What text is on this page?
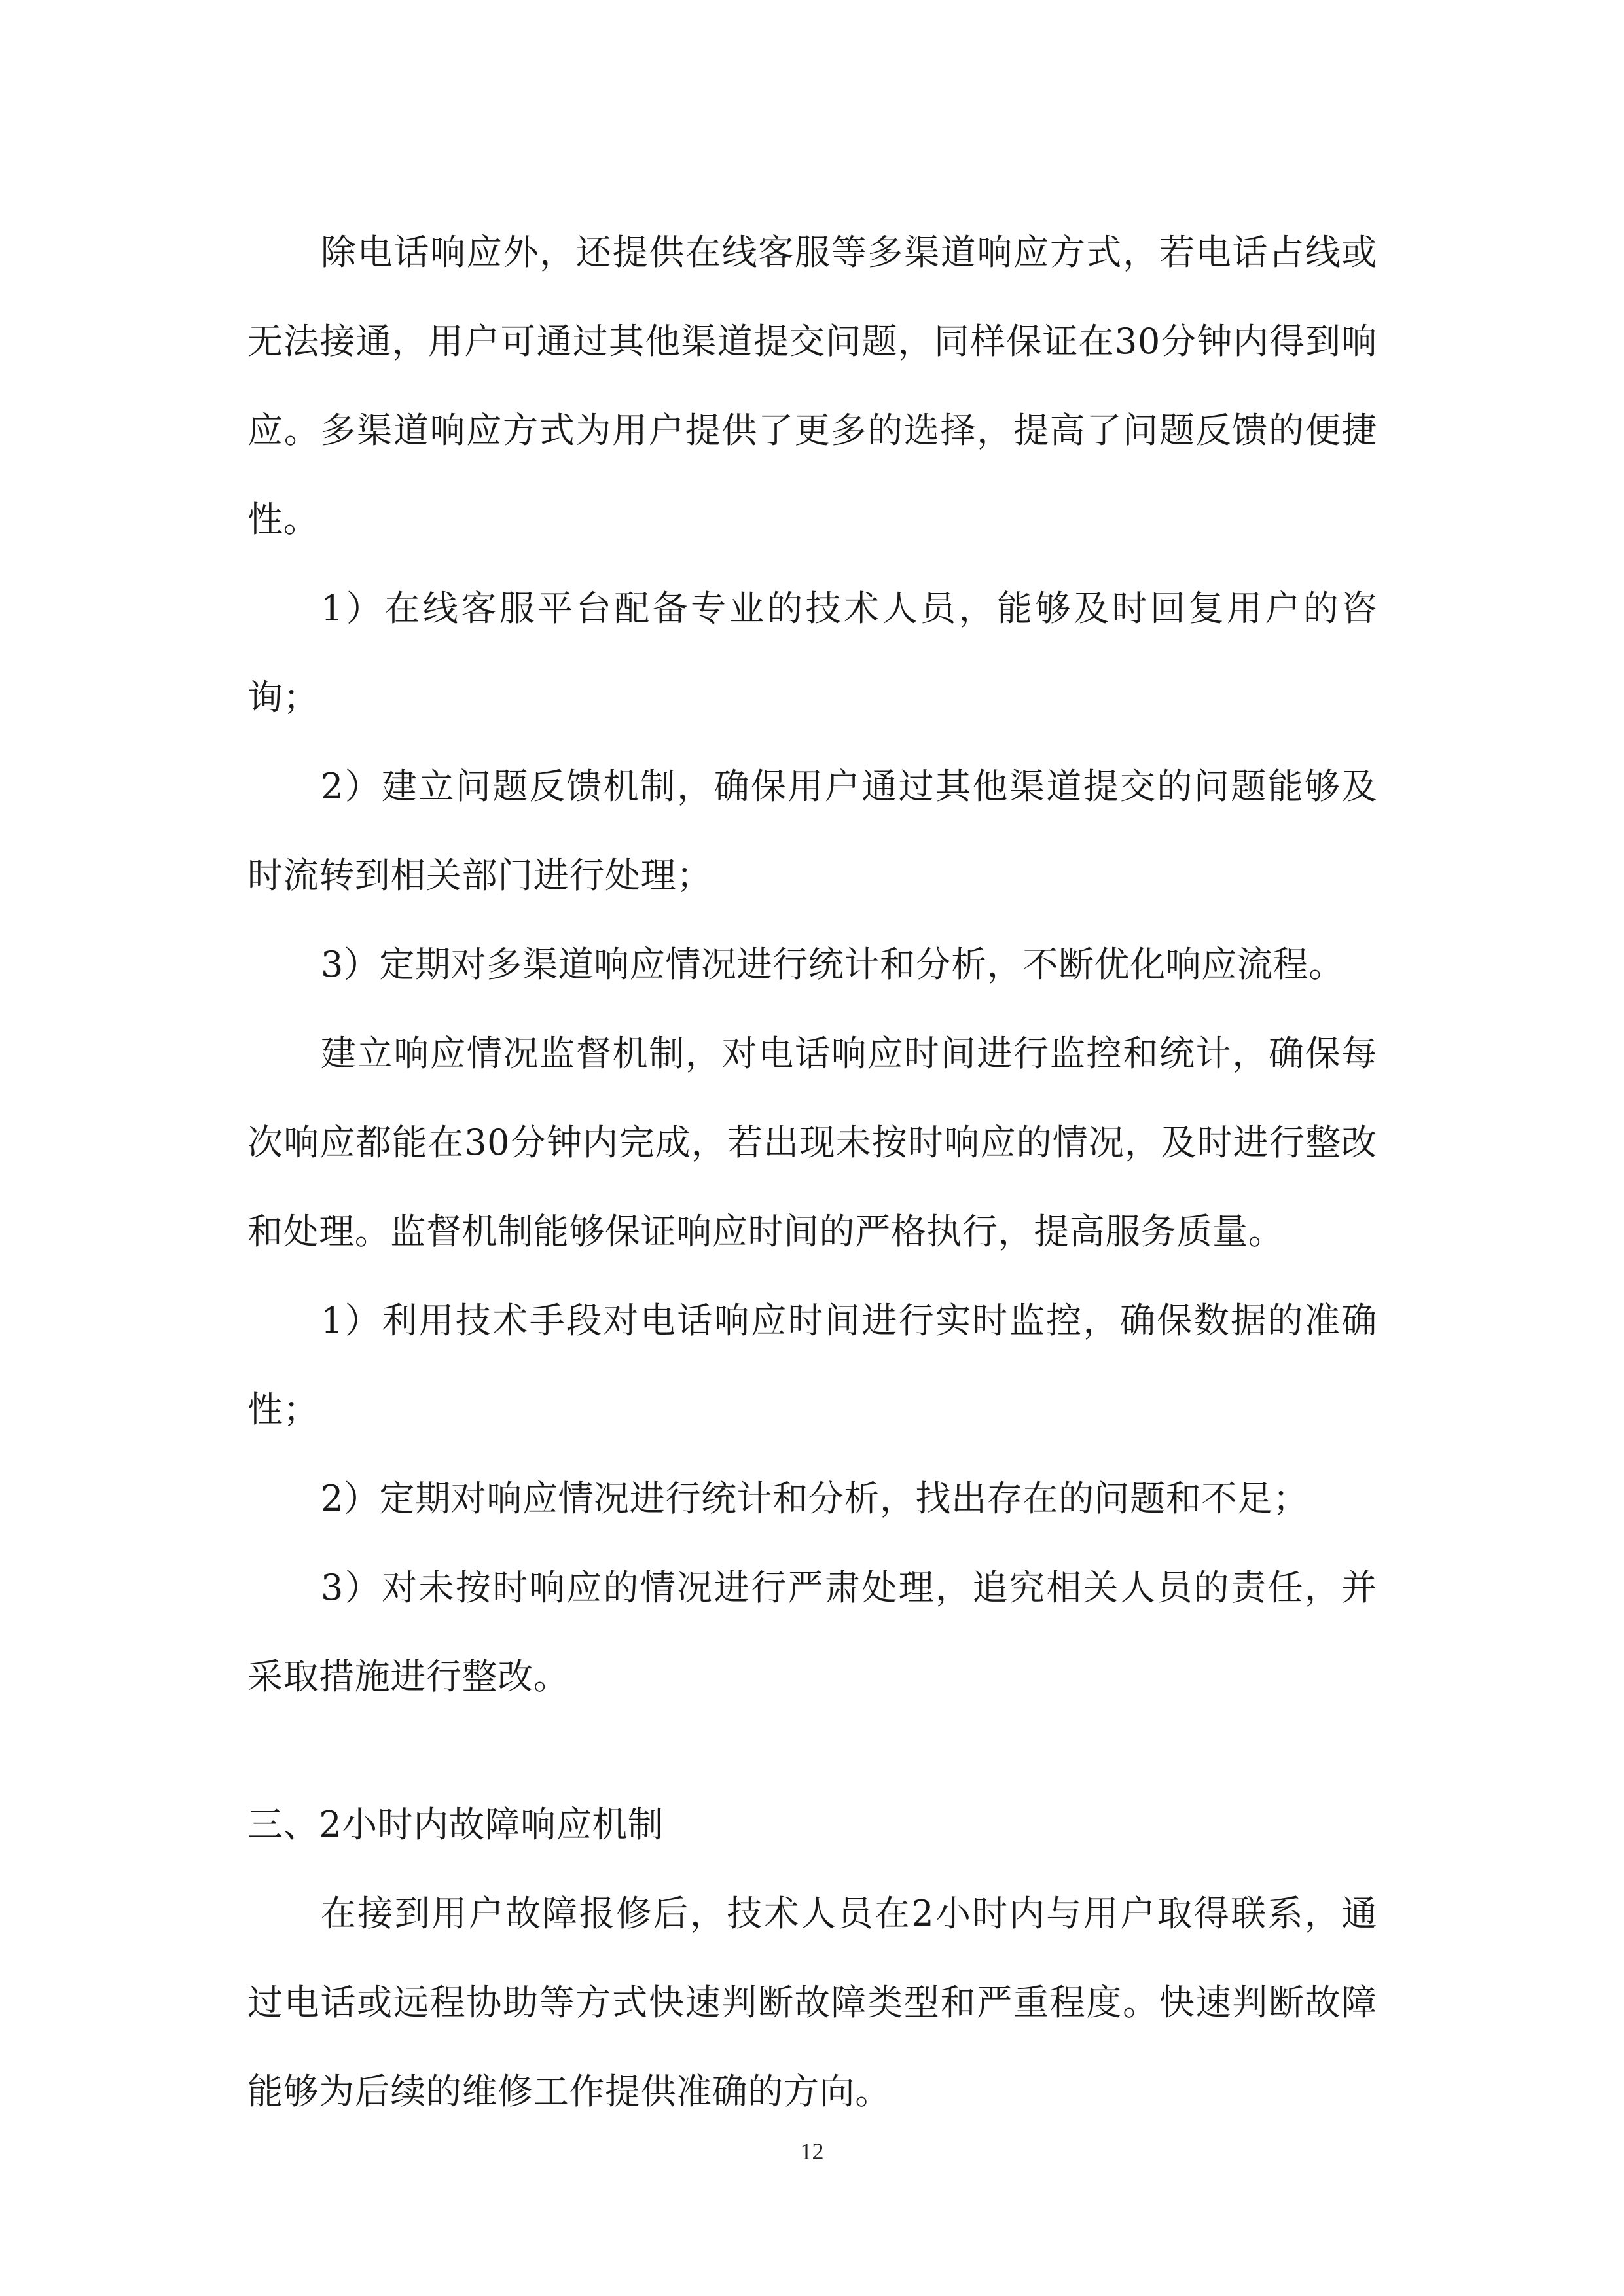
除电话响应外，还提供在线客服等多渠道响应方式，若电话占线或无法接通，用户可通过其他渠道提交问题，同样保证在30分钟内得到响应。多渠道响应方式为用户提供了更多的选择，提高了问题反馈的便捷性。

1）在线客服平台配备专业的技术人员，能够及时回复用户的咨询；

2）建立问题反馈机制，确保用户通过其他渠道提交的问题能够及时流转到相关部门进行处理；

3）定期对多渠道响应情况进行统计和分析，不断优化响应流程。

建立响应情况监督机制，对电话响应时间进行监控和统计，确保每次响应都能在30分钟内完成，若出现未按时响应的情况，及时进行整改和处理。监督机制能够保证响应时间的严格执行，提高服务质量。

1）利用技术手段对电话响应时间进行实时监控，确保数据的准确性；

2）定期对响应情况进行统计和分析，找出存在的问题和不足；

3）对未按时响应的情况进行严肃处理，追究相关人员的责任，并采取措施进行整改。

三、2小时内故障响应机制

在接到用户故障报修后，技术人员在2小时内与用户取得联系，通过电话或远程协助等方式快速判断故障类型和严重程度。快速判断故障能够为后续的维修工作提供准确的方向。

12
